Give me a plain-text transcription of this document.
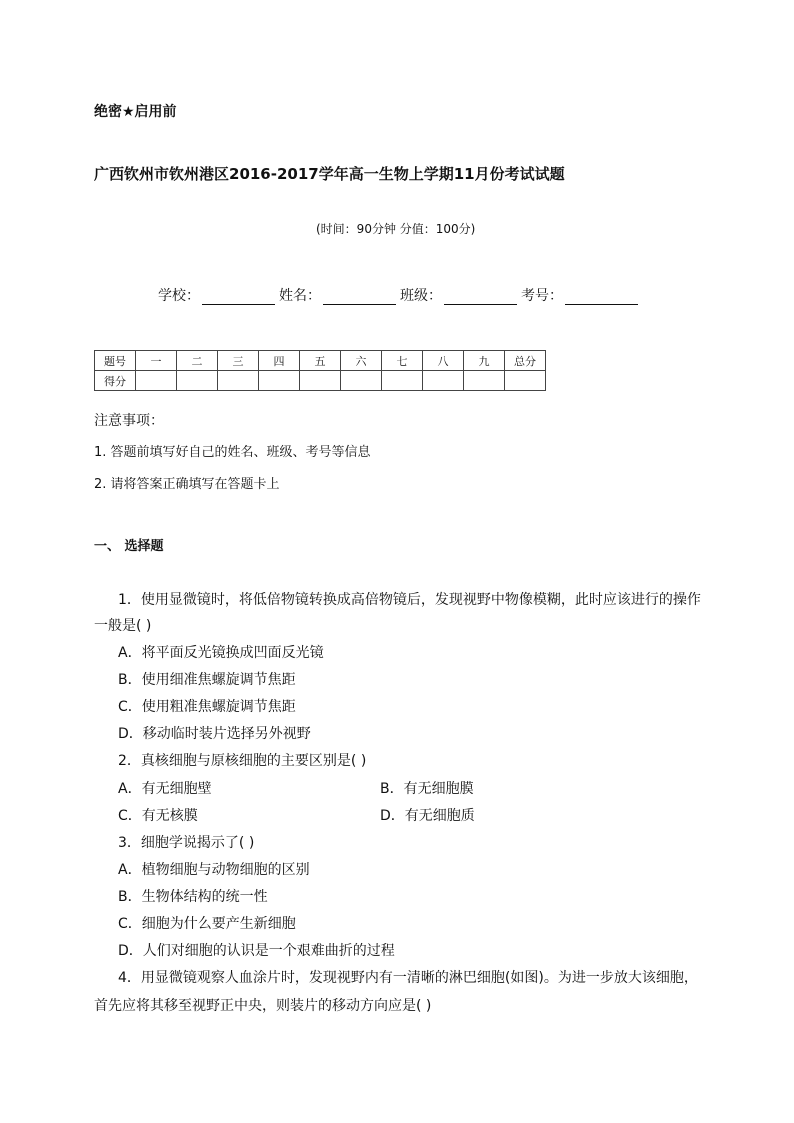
绝密★启用前
广西钦州市钦州港区2016-2017学年高一生物上学期11月份考试试题
(时间：90分钟 分值：100分)
学校：	姓名：	班级：	考号：
题号	一	二	三	四	五	六	七	八	九	总分
得分										
注意事项：
1. 答题前填写好自己的姓名、班级、考号等信息
2. 请将答案正确填写在答题卡上
一、 选择题
1．使用显微镜时，将低倍物镜转换成高倍物镜后，发现视野中物像模糊，此时应该进行的操作
一般是( )
A．将平面反光镜换成凹面反光镜
B．使用细准焦螺旋调节焦距
C．使用粗准焦螺旋调节焦距
D．移动临时装片选择另外视野
2．真核细胞与原核细胞的主要区别是( )
A．有无细胞壁	B．有无细胞膜
C．有无核膜	D．有无细胞质
3．细胞学说揭示了( )
A．植物细胞与动物细胞的区别
B．生物体结构的统一性
C．细胞为什么要产生新细胞
D．人们对细胞的认识是一个艰难曲折的过程
4．用显微镜观察人血涂片时，发现视野内有一清晰的淋巴细胞(如图)。为进一步放大该细胞，
首先应将其移至视野正中央，则装片的移动方向应是( )
